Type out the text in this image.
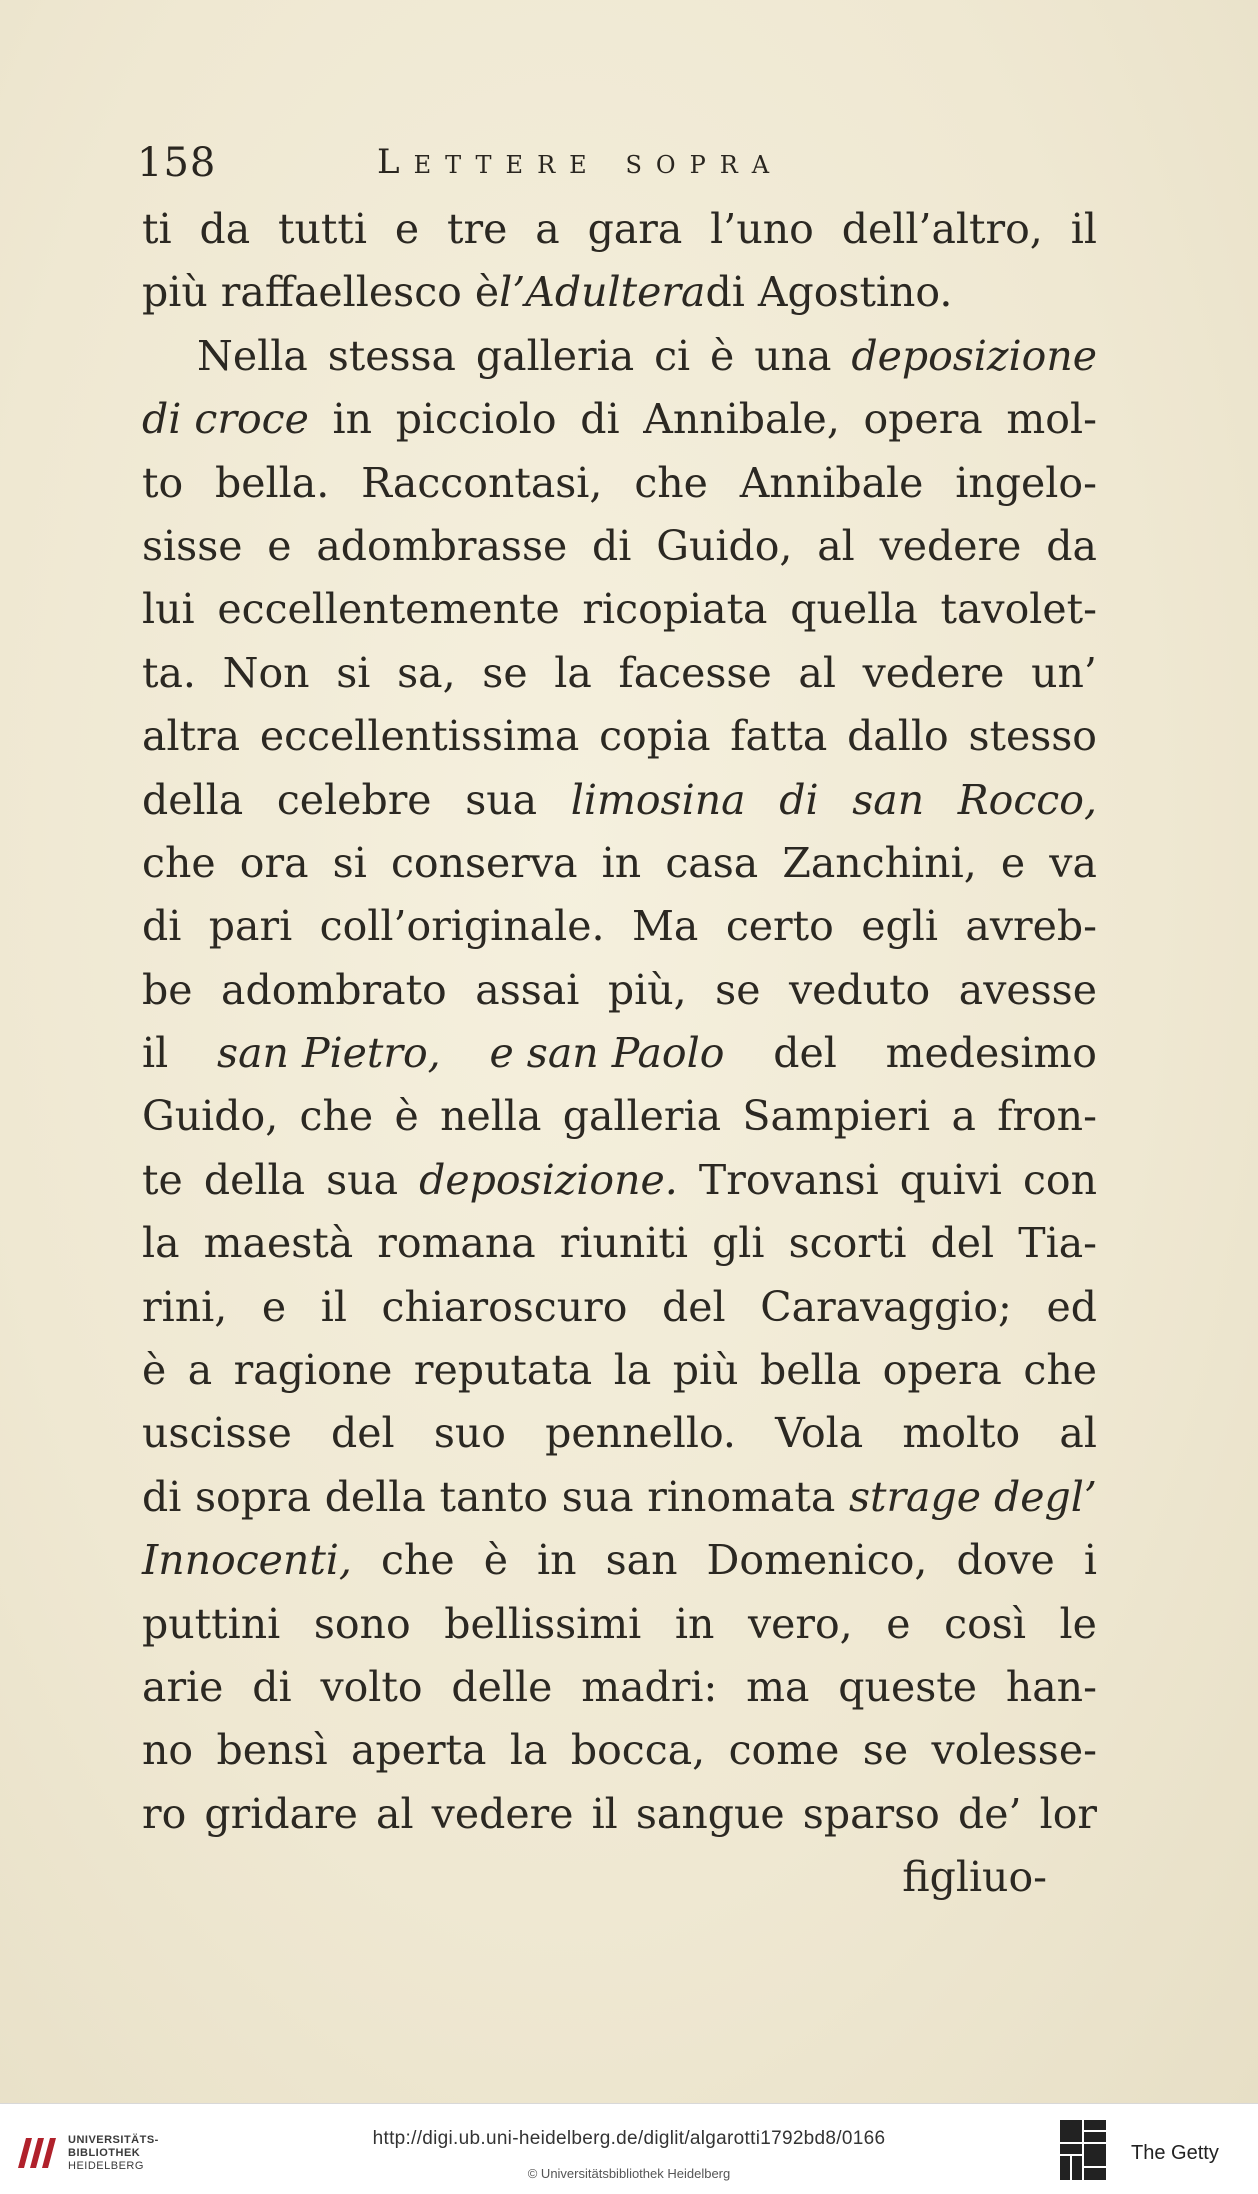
158	Lettere sopra
ti da tutti e tre a gara l’uno dell’altro, il
più raffaellesco è l’Adultera di Agostino.
Nella stessa galleria ci è una deposizione
di croce in picciolo di Annibale, opera mol-
to bella. Raccontasi, che Annibale ingelo-
sisse e adombrasse di Guido, al vedere da
lui eccellentemente ricopiata quella tavolet-
ta. Non si sa, se la facesse al vedere un’
altra eccellentissima copia fatta dallo stesso
della celebre sua limosina di san Rocco,
che ora si conserva in casa Zanchini, e va
di pari coll’originale. Ma certo egli avreb-
be adombrato assai più, se veduto avesse
il san Pietro, e san Paolo del medesimo
Guido, che è nella galleria Sampieri a fron-
te della sua deposizione. Trovansi quivi con
la maestà romana riuniti gli scorti del Tia-
rini, e il chiaroscuro del Caravaggio; ed
è a ragione reputata la più bella opera che
uscisse del suo pennello. Vola molto al
di sopra della tanto sua rinomata strage degl’
Innocenti, che è in san Domenico, dove i
puttini sono bellissimi in vero, e così le
arie di volto delle madri: ma queste han-
no bensì aperta la bocca, come se volesse-
ro gridare al vedere il sangue sparso de’ lor
figliuo-
UNIVERSITÄTS-
BIBLIOTHEK
HEIDELBERG
http://digi.ub.uni-heidelberg.de/diglit/algarotti1792bd8/0166
© Universitätsbibliothek Heidelberg
The Getty
